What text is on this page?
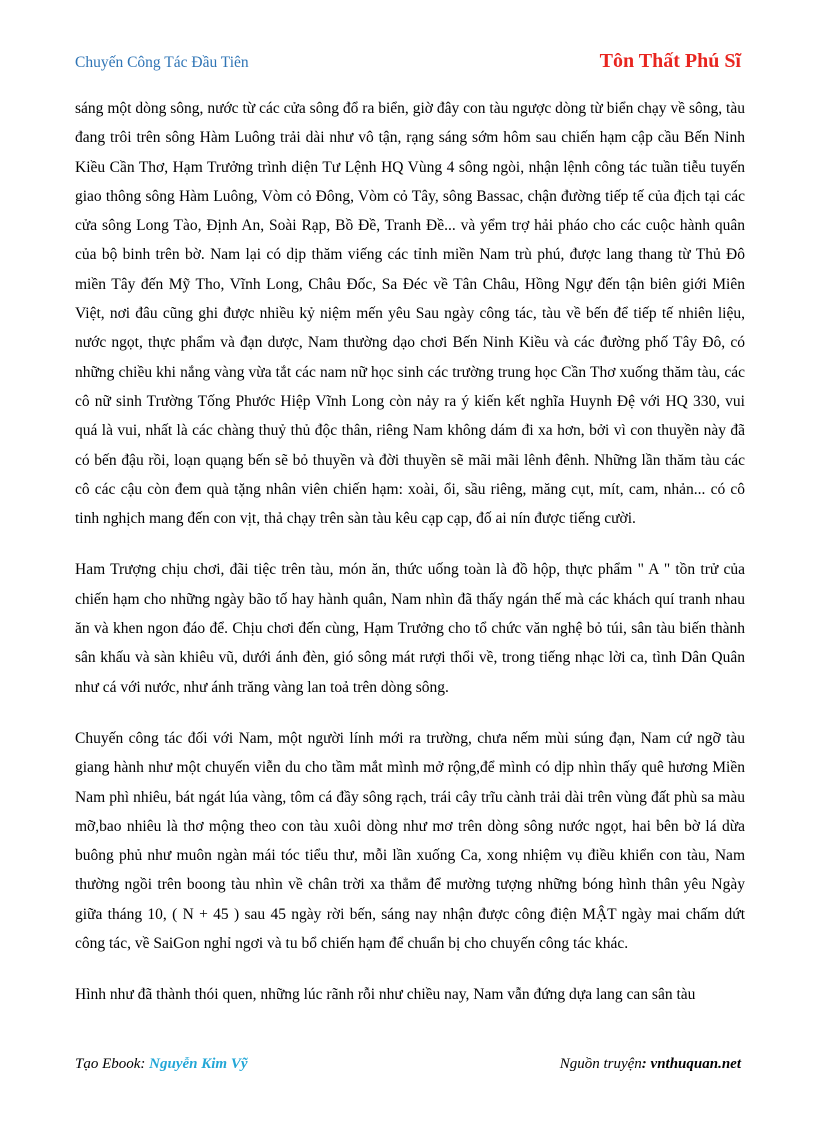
Chuyến Công Tác Đầu Tiên	Tôn Thất Phú Sĩ

sáng một dòng sông, nước từ các cửa sông đổ ra biển, giờ đây con tàu ngược dòng từ biển chạy về sông, tàu đang trôi trên sông Hàm Luông trải dài như vô tận, rạng sáng sớm hôm sau chiến hạm cập cầu Bến Ninh Kiều Cần Thơ, Hạm Trưởng trình diện Tư Lệnh HQ Vùng 4 sông ngòi, nhận lệnh công tác tuần tiễu tuyến giao thông sông Hàm Luông, Vòm cỏ Đông, Vòm cỏ Tây, sông Bassac, chận đường tiếp tế của địch tại các cửa sông Long Tào, Định An, Soài Rạp, Bồ Đề, Tranh Đề... và yểm trợ hải pháo cho các cuộc hành quân của bộ binh trên bờ. Nam lại có dịp thăm viếng các tỉnh miền Nam trù phú, được lang thang từ Thủ Đô miền Tây đến Mỹ Tho, Vĩnh Long, Châu Đốc, Sa Đéc về Tân Châu, Hồng Ngự đến tận biên giới Miên Việt, nơi đâu cũng ghi được nhiều kỷ niệm mến yêu Sau ngày công tác, tàu về bến để tiếp tế nhiên liệu, nước ngọt, thực phẩm và đạn dược, Nam thường dạo chơi Bến Ninh Kiều và các đường phố Tây Đô, có những chiều khi nắng vàng vừa tắt các nam nữ học sinh các trường trung học Cần Thơ xuống thăm tàu, các cô nữ sinh Trường Tống Phước Hiệp Vĩnh Long còn nảy ra ý kiến kết nghĩa Huynh Đệ với HQ 330, vui quá là vui, nhất là các chàng thuỷ thủ độc thân, riêng Nam không dám đi xa hơn, bởi vì con thuyền này đã có bến đậu rồi, loạn quạng bến sẽ bỏ thuyền và đời thuyền sẽ mãi mãi lênh đênh. Những lần thăm tàu các cô các cậu còn đem quà tặng nhân viên chiến hạm: xoài, ổi, sầu riêng, măng cụt, mít, cam, nhản... có cô tinh nghịch mang đến con vịt, thả chạy trên sàn tàu kêu cạp cạp, đố ai nín được tiếng cười.

Ham Trượng chịu chơi, đãi tiệc trên tàu, món ăn, thức uống toàn là đồ hộp, thực phẩm " A " tồn trử của chiến hạm cho những ngày bão tố hay hành quân, Nam nhìn đã thấy ngán thế mà các khách quí tranh nhau ăn và khen ngon đáo để. Chịu chơi đến cùng, Hạm Trưởng cho tổ chức văn nghệ bỏ túi, sân tàu biến thành sân khấu và sàn khiêu vũ, dưới ánh đèn, gió sông mát rượi thổi về, trong tiếng nhạc lời ca, tình Dân Quân như cá với nước, như ánh trăng vàng lan toả trên dòng sông.

Chuyến công tác đối với Nam, một người lính mới ra trường, chưa nếm mùi súng đạn, Nam cứ ngỡ tàu giang hành như một chuyến viễn du cho tầm mắt mình mở rộng,để mình có dịp nhìn thấy quê hương Miền Nam phì nhiêu, bát ngát lúa vàng, tôm cá đầy sông rạch, trái cây trĩu cành trải dài trên vùng đất phù sa màu mỡ,bao nhiêu là thơ mộng theo con tàu xuôi dòng như mơ trên dòng sông nước ngọt, hai bên bờ lá dừa buông phủ như muôn ngàn mái tóc tiểu thư, mỗi lần xuống Ca, xong nhiệm vụ điều khiển con tàu, Nam thường ngồi trên boong tàu nhìn về chân trời xa thẳm để mường tượng những bóng hình thân yêu Ngày giữa tháng 10, ( N + 45 ) sau 45 ngày rời bến, sáng nay nhận được công điện MẬT ngày mai chấm dứt công tác, về SaiGon nghỉ ngơi và tu bổ chiến hạm để chuẩn bị cho chuyến công tác khác.

Hình như đã thành thói quen, những lúc rãnh rỗi như chiều nay, Nam vẫn đứng dựa lang can sân tàu

Tạo Ebook: Nguyễn Kim Vỹ	Nguồn truyện: vnthuquan.net
